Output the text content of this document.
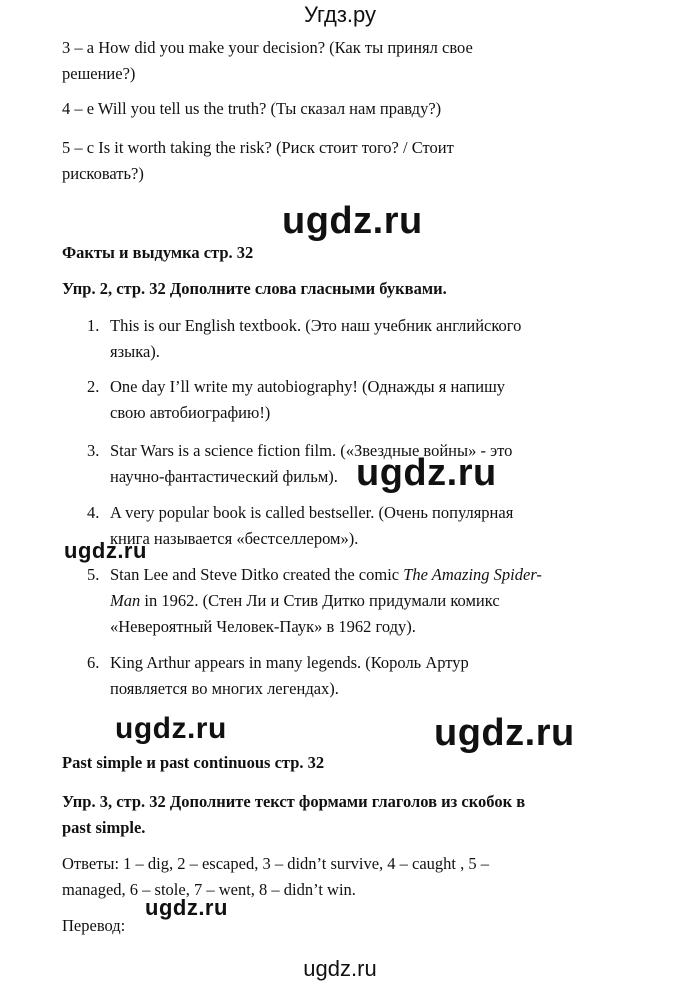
Угдз.ру

3 – a How did you make your decision? (Как ты принял свое

решение?)

4 – e Will you tell us the truth? (Ты сказал нам правду?)

5 – c Is it worth taking the risk? (Риск стоит того? / Стоит

рисковать?)

Факты и выдумка стр. 32

Упр. 2, стр. 32 Дополните слова гласными буквами.

1. This is our English textbook. (Это наш учебник английского
языка).
2. One day I’ll write my autobiography! (Однажды я напишу
свою автобиографию!)
3. Star Wars is a science fiction film. («Звездные войны» - это
научно-фантастический фильм).
4. A very popular book is called bestseller. (Очень популярная
книга называется «бестселлером»).
5. Stan Lee and Steve Ditko created the comic The Amazing Spider-
Man in 1962. (Стен Ли и Стив Дитко придумали комикс
«Невероятный Человек-Паук» в 1962 году).
6. King Arthur appears in many legends. (Король Артур
появляется во многих легендах).

Past simple и past continuous стр. 32

Упр. 3, стр. 32 Дополните текст формами глаголов из скобок в

past simple.

Ответы: 1 – dig, 2 – escaped, 3 – didn’t survive, 4 – caught , 5 –

managed, 6 – stole, 7 – went, 8 – didn’t win.

Перевод:

ugdz.ru
ugdz.ru
ugdz.ru
ugdz.ru	ugdz.ru
ugdz.ru
ugdz.ru
